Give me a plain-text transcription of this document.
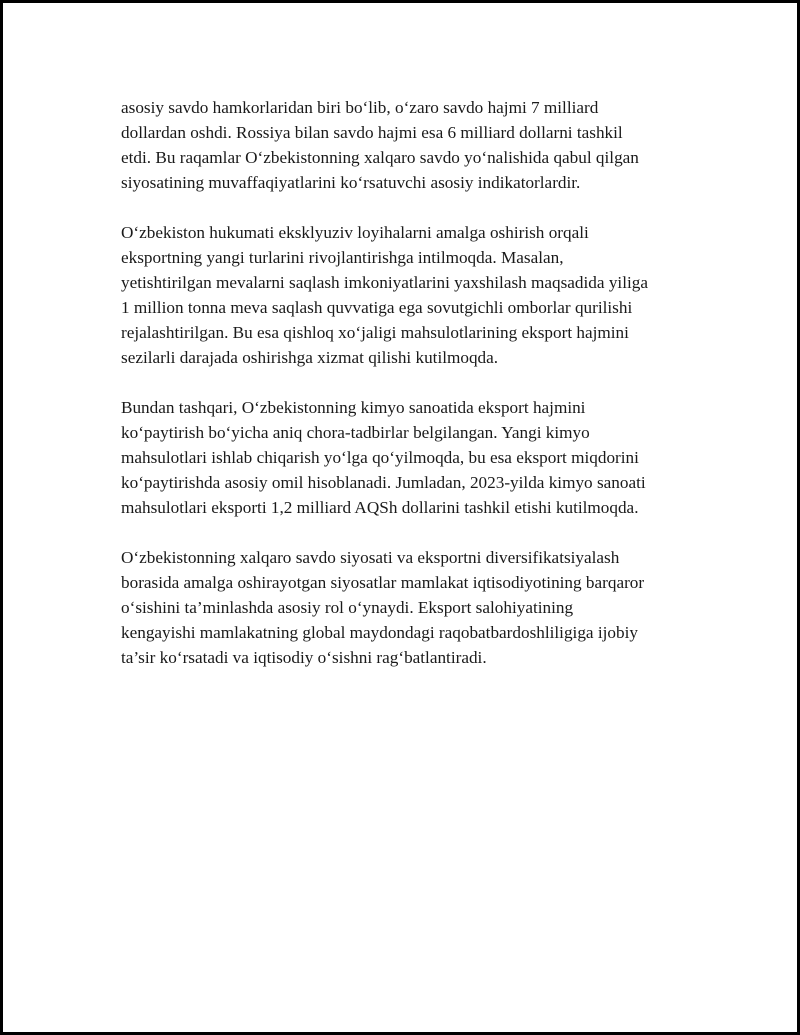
asosiy savdo hamkorlaridan biri bo‘lib, o‘zaro savdo hajmi 7 milliard
dollardan oshdi. Rossiya bilan savdo hajmi esa 6 milliard dollarni tashkil
etdi. Bu raqamlar O‘zbekistonning xalqaro savdo yo‘nalishida qabul qilgan
siyosatining muvaffaqiyatlarini ko‘rsatuvchi asosiy indikatorlardir.

O‘zbekiston hukumati eksklyuziv loyihalarni amalga oshirish orqali
eksportning yangi turlarini rivojlantirishga intilmoqda. Masalan,
yetishtirilgan mevalarni saqlash imkoniyatlarini yaxshilash maqsadida yiliga
1 million tonna meva saqlash quvvatiga ega sovutgichli omborlar qurilishi
rejalashtirilgan. Bu esa qishloq xo‘jaligi mahsulotlarining eksport hajmini
sezilarli darajada oshirishga xizmat qilishi kutilmoqda.

Bundan tashqari, O‘zbekistonning kimyo sanoatida eksport hajmini
ko‘paytirish bo‘yicha aniq chora-tadbirlar belgilangan. Yangi kimyo
mahsulotlari ishlab chiqarish yo‘lga qo‘yilmoqda, bu esa eksport miqdorini
ko‘paytirishda asosiy omil hisoblanadi. Jumladan, 2023-yilda kimyo sanoati
mahsulotlari eksporti 1,2 milliard AQSh dollarini tashkil etishi kutilmoqda.

O‘zbekistonning xalqaro savdo siyosati va eksportni diversifikatsiyalash
borasida amalga oshirayotgan siyosatlar mamlakat iqtisodiyotining barqaror
o‘sishini ta’minlashda asosiy rol o‘ynaydi. Eksport salohiyatining
kengayishi mamlakatning global maydondagi raqobatbardoshliligiga ijobiy
ta’sir ko‘rsatadi va iqtisodiy o‘sishni rag‘batlantiradi.
